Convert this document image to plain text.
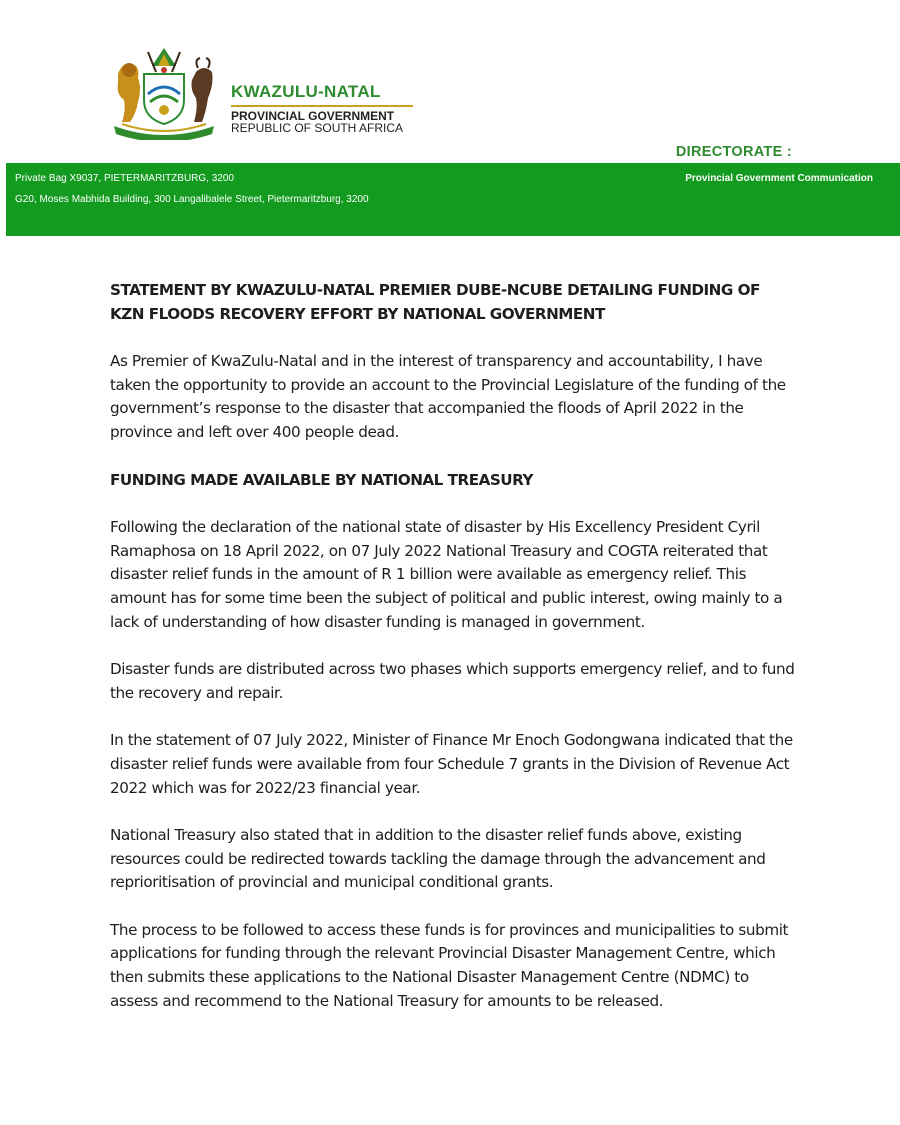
KWAZULU-NATAL
PROVINCIAL GOVERNMENT
REPUBLIC OF SOUTH AFRICA
DIRECTORATE :
Private Bag X9037, PIETERMARITZBURG, 3200
G20, Moses Mabhida Building, 300 Langalibalele Street, Pietermaritzburg, 3200
Provincial Government Communication

STATEMENT BY KWAZULU-NATAL PREMIER DUBE-NCUBE DETAILING FUNDING OF KZN FLOODS RECOVERY EFFORT BY NATIONAL GOVERNMENT

As Premier of KwaZulu-Natal and in the interest of transparency and accountability, I have taken the opportunity to provide an account to the Provincial Legislature of the funding of the government’s response to the disaster that accompanied the floods of April 2022 in the province and left over 400 people dead.

FUNDING MADE AVAILABLE BY NATIONAL TREASURY

Following the declaration of the national state of disaster by His Excellency President Cyril Ramaphosa on 18 April 2022, on 07 July 2022 National Treasury and COGTA reiterated that disaster relief funds in the amount of R 1 billion were available as emergency relief. This amount has for some time been the subject of political and public interest, owing mainly to a lack of understanding of how disaster funding is managed in government.

Disaster funds are distributed across two phases which supports emergency relief, and to fund the recovery and repair.

In the statement of 07 July 2022, Minister of Finance Mr Enoch Godongwana indicated that the disaster relief funds were available from four Schedule 7 grants in the Division of Revenue Act 2022 which was for 2022/23 financial year.

National Treasury also stated that in addition to the disaster relief funds above, existing resources could be redirected towards tackling the damage through the advancement and reprioritisation of provincial and municipal conditional grants.

The process to be followed to access these funds is for provinces and municipalities to submit applications for funding through the relevant Provincial Disaster Management Centre, which then submits these applications to the National Disaster Management Centre (NDMC) to assess and recommend to the National Treasury for amounts to be released.
